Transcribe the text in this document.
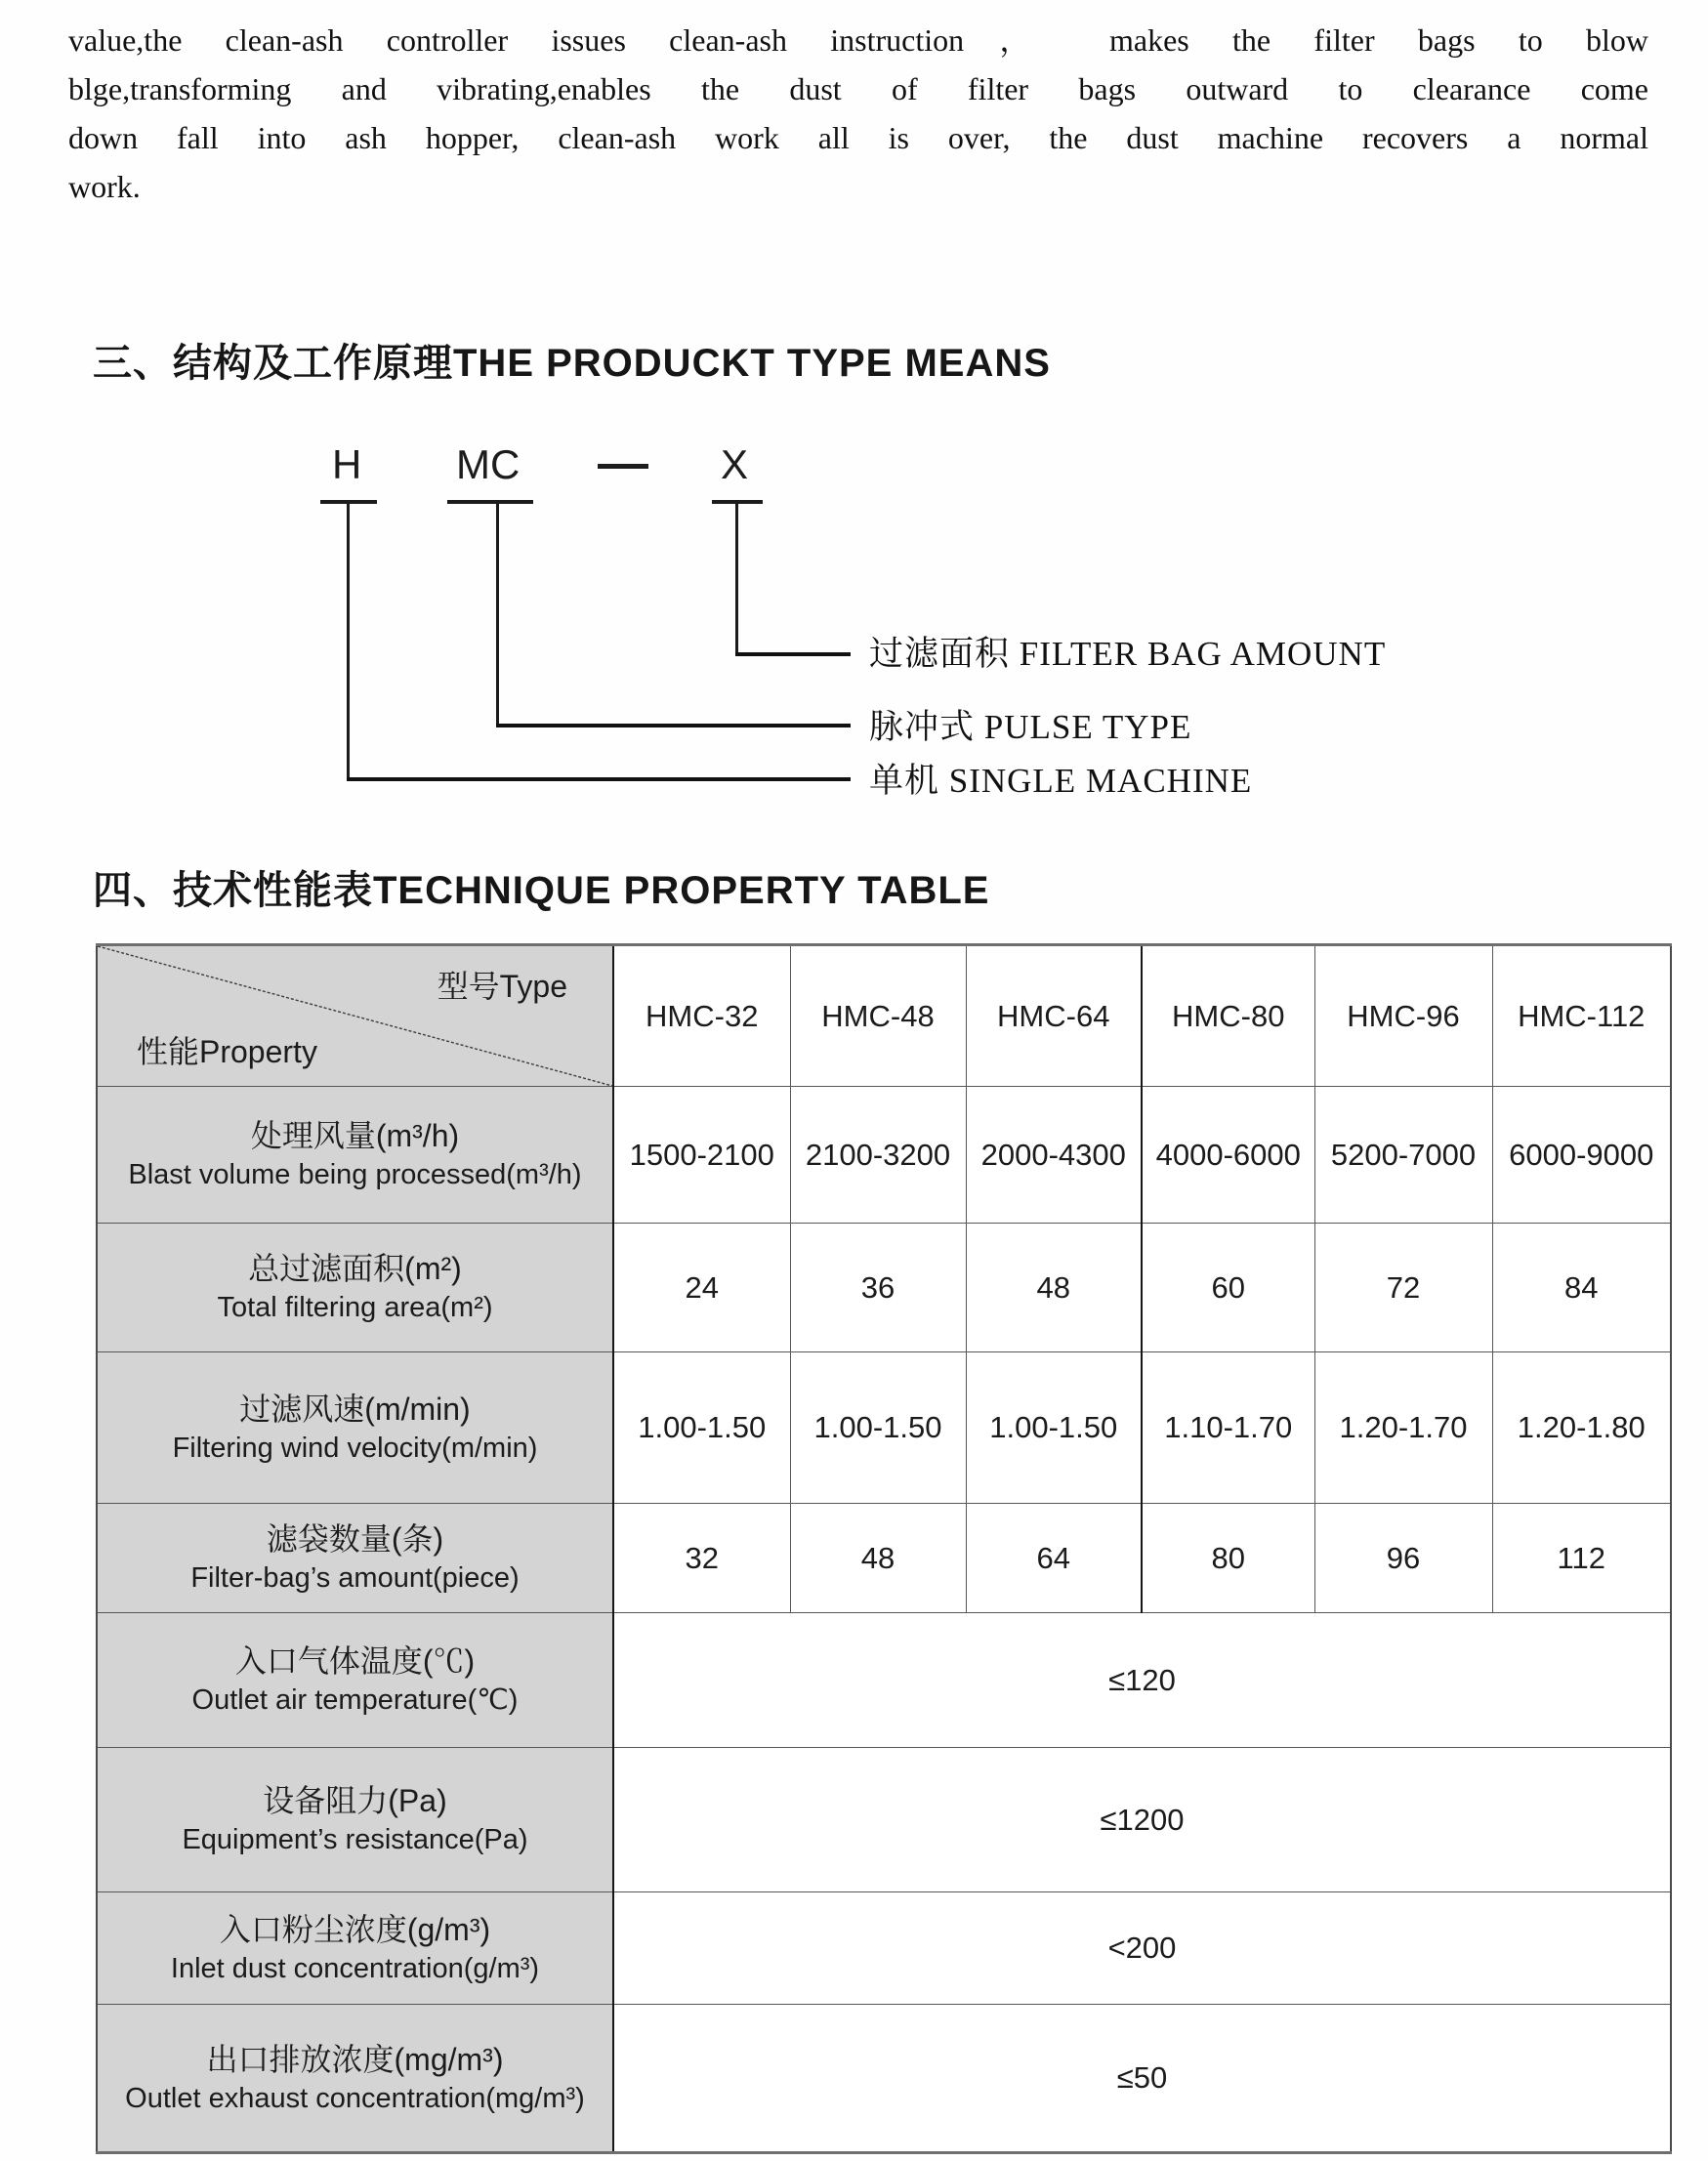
value,the clean-ash controller issues clean-ash instruction， makes the filter bags to blow
blge,transforming and vibrating,enables the dust of filter bags outward to clearance come
down fall into ash hopper, clean-ash work all is over, the dust machine recovers a normal
work.
三、结构及工作原理THE PRODUCKT TYPE MEANS
H MC	X
过滤面积 FILTER BAG AMOUNT
脉冲式 PULSE TYPE
单机 SINGLE MACHINE
四、技术性能表TECHNIQUE PROPERTY TABLE
型号Type
性能Property	HMC-32	HMC-48	HMC-64	HMC-80	HMC-96	HMC-112

处理风量(m³/h)
Blast volume being processed(m³/h)	1500-2100	2100-3200	2000-4300	4000-6000	5200-7000	6000-9000

总过滤面积(m²)
Total filtering area(m²)	24	36	48	60	72	84

过滤风速(m/min)
Filtering wind velocity(m/min)	1.00-1.50	1.00-1.50	1.00-1.50	1.10-1.70	1.20-1.70	1.20-1.80

滤袋数量(条)
Filter-bag’s amount(piece)	32	48	64	80	96	112

入口气体温度(℃)
Outlet air temperature(℃)	≤120					

设备阻力(Pa)
Equipment’s resistance(Pa)	≤1200					

入口粉尘浓度(g/m³)
Inlet dust concentration(g/m³)	<200					

出口排放浓度(mg/m³)
Outlet exhaust concentration(mg/m³)	≤50					
